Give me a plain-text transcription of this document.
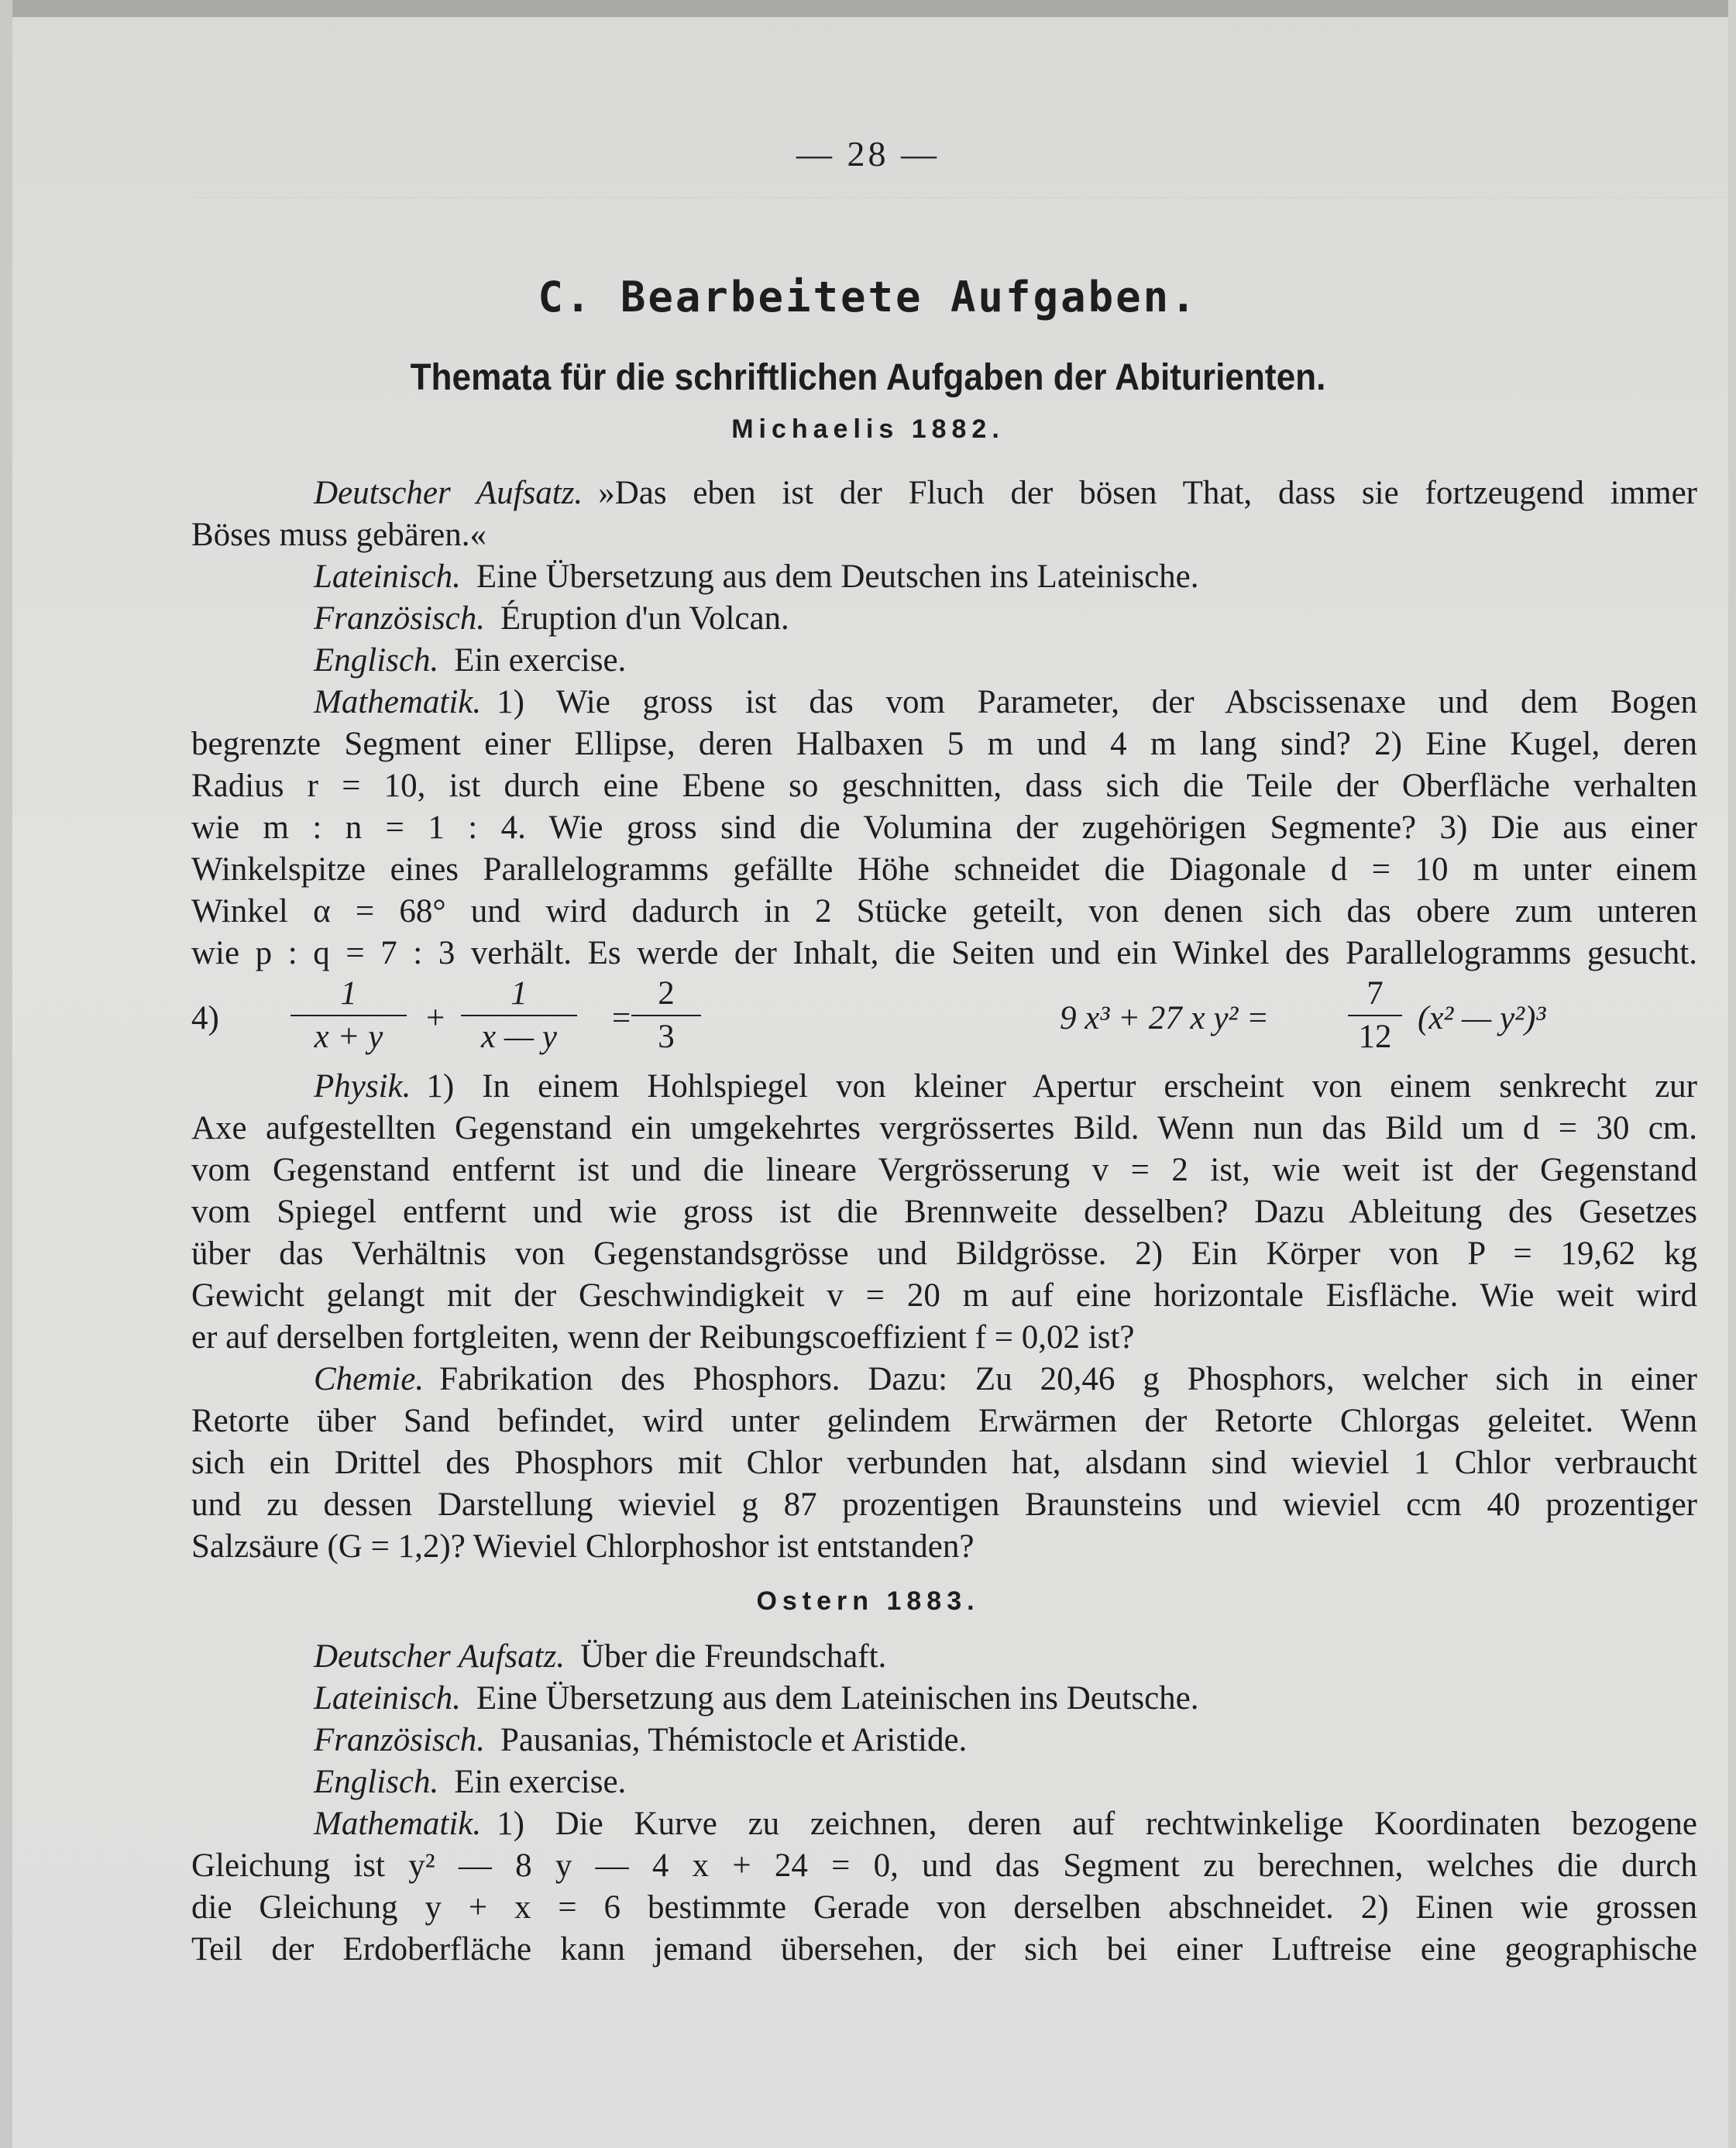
— 28 —
C. Bearbeitete Aufgaben.
Themata für die schriftlichen Aufgaben der Abiturienten.
Michaelis 1882.
Deutscher Aufsatz. »Das eben ist der Fluch der bösen That, dass sie fortzeugend immer
Böses muss gebären.«
Lateinisch. Eine Übersetzung aus dem Deutschen ins Lateinische.
Französisch. Éruption d'un Volcan.
Englisch. Ein exercise.
Mathematik. 1) Wie gross ist das vom Parameter, der Abscissenaxe und dem Bogen
begrenzte Segment einer Ellipse, deren Halbaxen 5 m und 4 m lang sind? 2) Eine Kugel, deren
Radius r = 10, ist durch eine Ebene so geschnitten, dass sich die Teile der Oberfläche verhalten
wie m : n = 1 : 4. Wie gross sind die Volumina der zugehörigen Segmente? 3) Die aus einer
Winkelspitze eines Parallelogramms gefällte Höhe schneidet die Diagonale d = 10 m unter einem
Winkel α = 68° und wird dadurch in 2 Stücke geteilt, von denen sich das obere zum unteren
wie p : q = 7 : 3 verhält. Es werde der Inhalt, die Seiten und ein Winkel des Parallelogramms gesucht.
4)
1
x + y
+
1
x — y
=
2
3
9 x³ + 27 x y² =
7
12
(x² — y²)³
Physik. 1) In einem Hohlspiegel von kleiner Apertur erscheint von einem senkrecht zur
Axe aufgestellten Gegenstand ein umgekehrtes vergrössertes Bild. Wenn nun das Bild um d = 30 cm.
vom Gegenstand entfernt ist und die lineare Vergrösserung v = 2 ist, wie weit ist der Gegenstand
vom Spiegel entfernt und wie gross ist die Brennweite desselben? Dazu Ableitung des Gesetzes
über das Verhältnis von Gegenstandsgrösse und Bildgrösse. 2) Ein Körper von P = 19,62 kg
Gewicht gelangt mit der Geschwindigkeit v = 20 m auf eine horizontale Eisfläche. Wie weit wird
er auf derselben fortgleiten, wenn der Reibungscoeffizient f = 0,02 ist?
Chemie. Fabrikation des Phosphors. Dazu: Zu 20,46 g Phosphors, welcher sich in einer
Retorte über Sand befindet, wird unter gelindem Erwärmen der Retorte Chlorgas geleitet. Wenn
sich ein Drittel des Phosphors mit Chlor verbunden hat, alsdann sind wieviel 1 Chlor verbraucht
und zu dessen Darstellung wieviel g 87 prozentigen Braunsteins und wieviel ccm 40 prozentiger
Salzsäure (G = 1,2)? Wieviel Chlorphoshor ist entstanden?
Ostern 1883.
Deutscher Aufsatz. Über die Freundschaft.
Lateinisch. Eine Übersetzung aus dem Lateinischen ins Deutsche.
Französisch. Pausanias, Thémistocle et Aristide.
Englisch. Ein exercise.
Mathematik. 1) Die Kurve zu zeichnen, deren auf rechtwinkelige Koordinaten bezogene
Gleichung ist y² — 8 y — 4 x + 24 = 0, und das Segment zu berechnen, welches die durch
die Gleichung y + x = 6 bestimmte Gerade von derselben abschneidet. 2) Einen wie grossen
Teil der Erdoberfläche kann jemand übersehen, der sich bei einer Luftreise eine geographische
